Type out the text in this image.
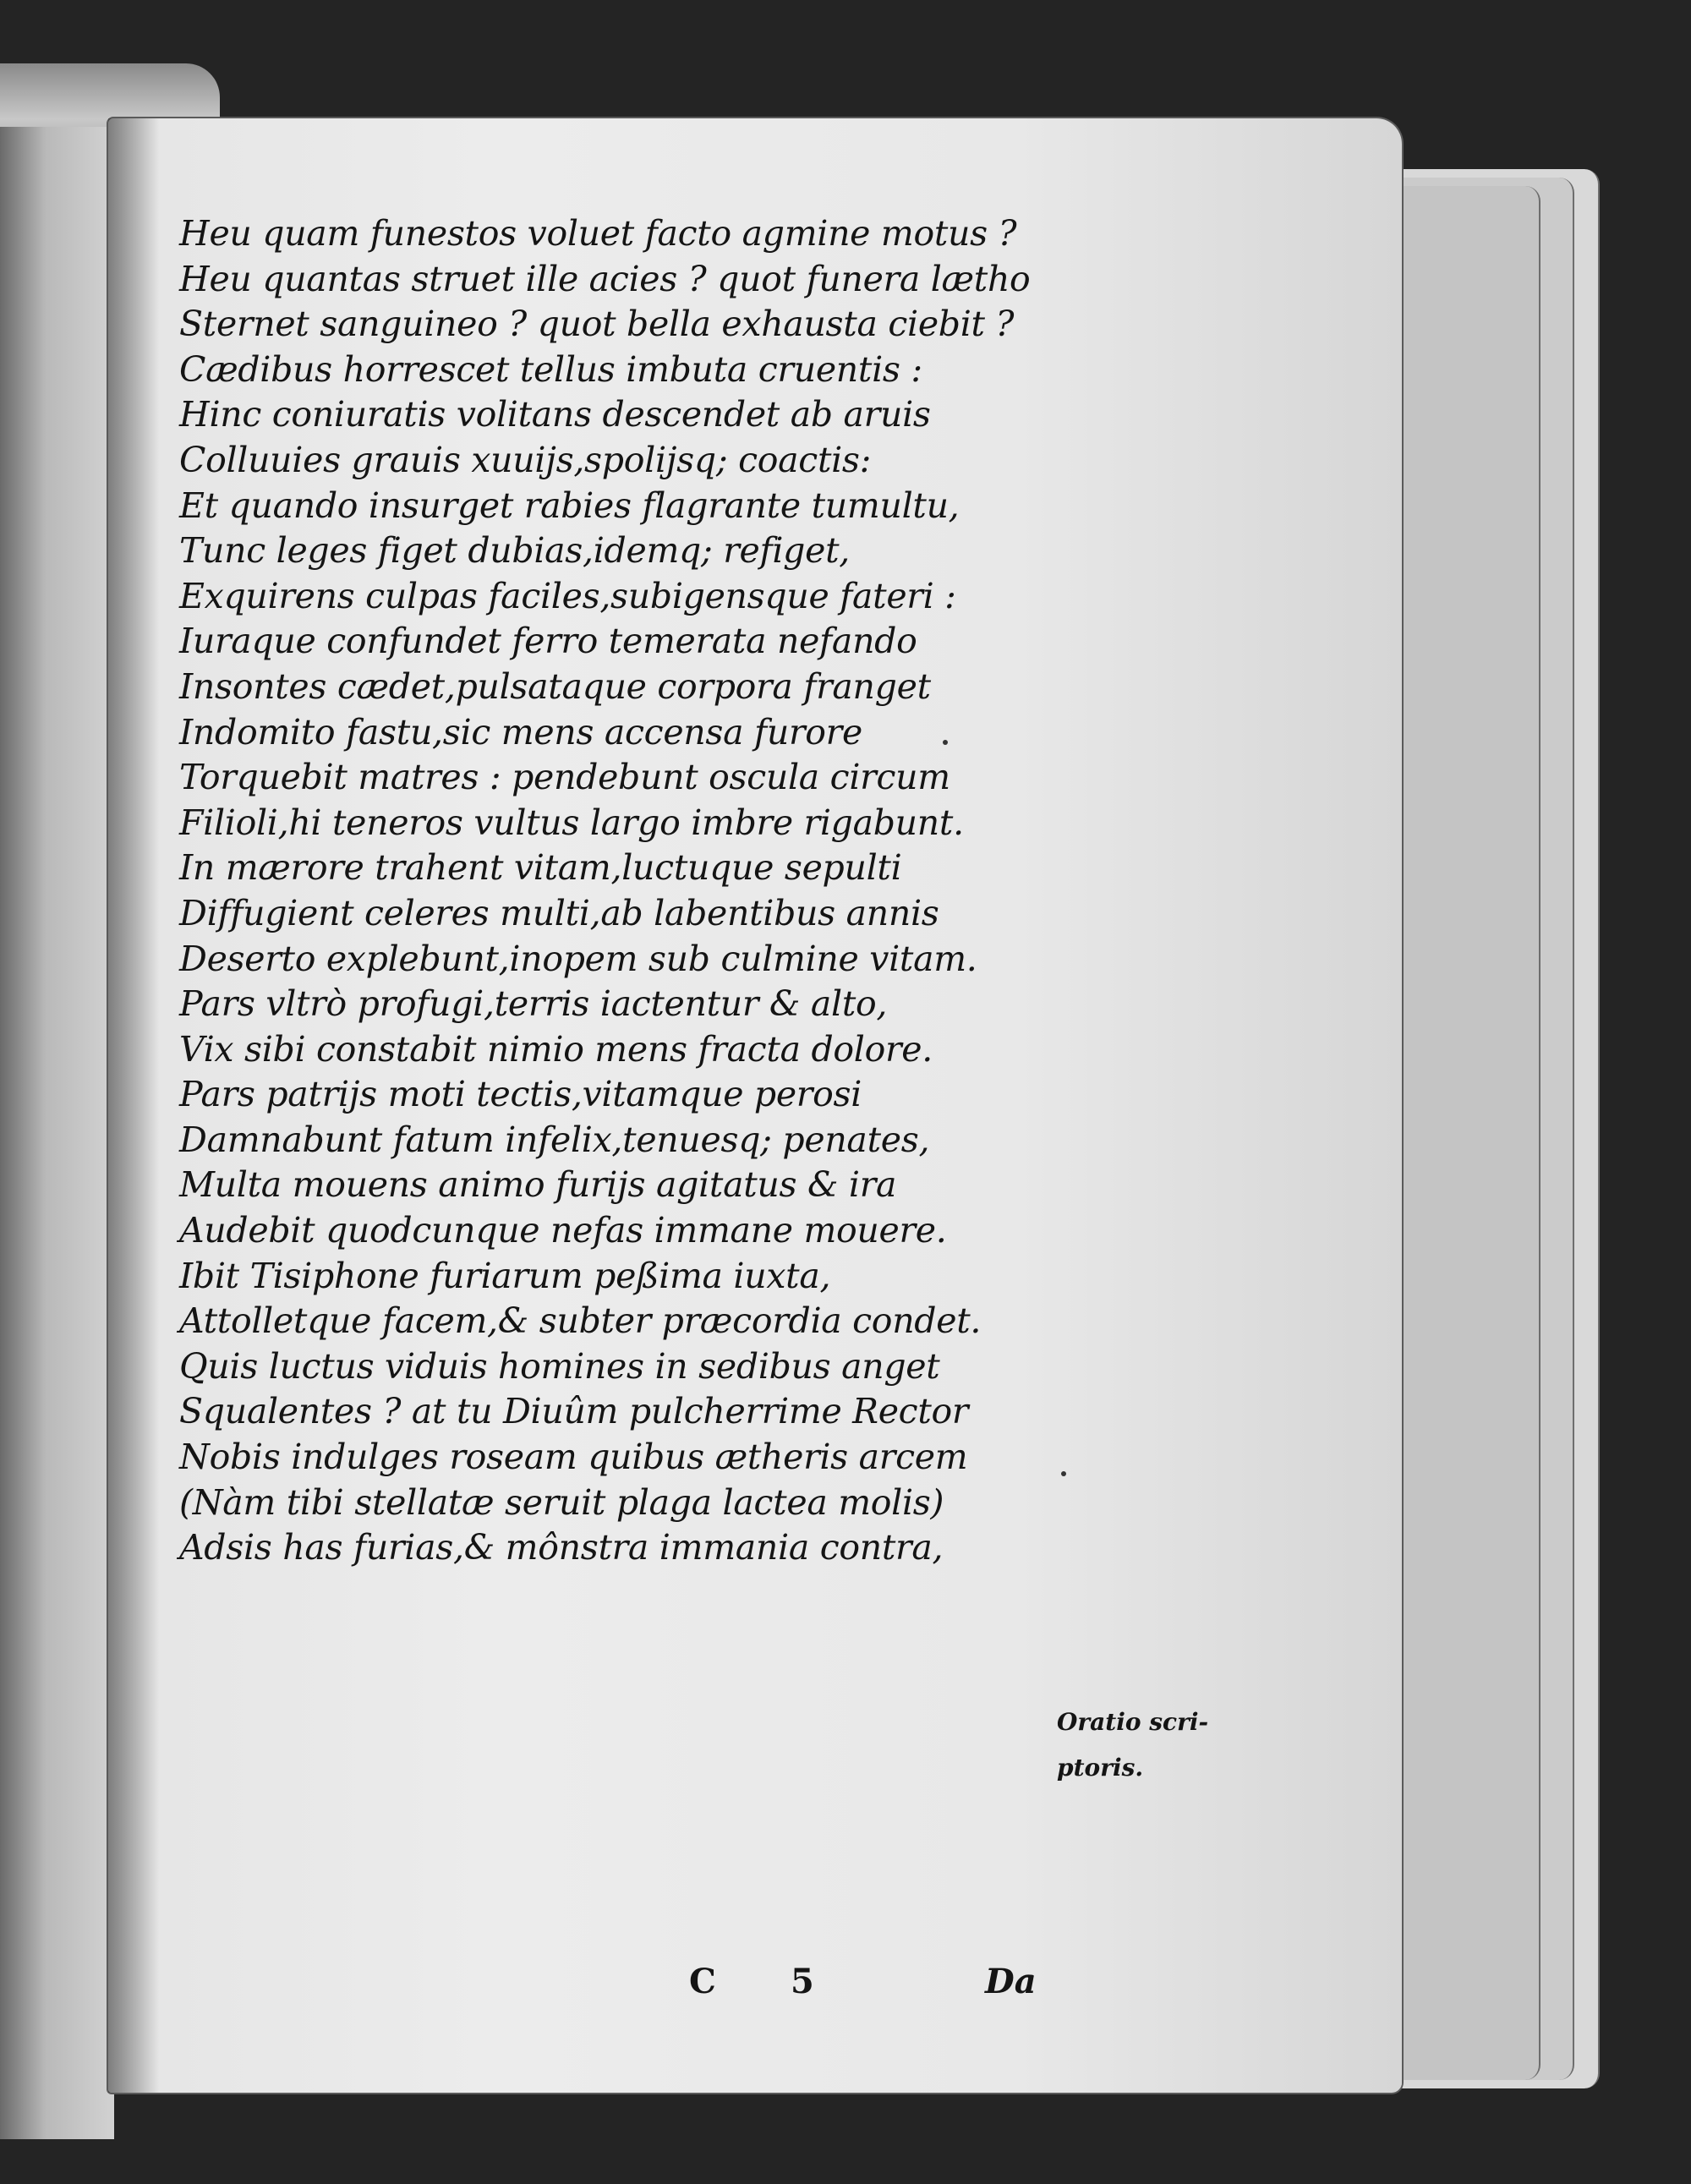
Heu quam funestos voluet facto agmine motus ?
Heu quantas struet ille acies ? quot funera lætho
Sternet sanguineo ? quot bella exhausta ciebit ?
Cædibus horrescet tellus imbuta cruentis :
Hinc coniuratis volitans descendet ab aruis
Colluuies grauis xuuijs,spolijsq; coactis:
Et quando insurget rabies flagrante tumultu,
Tunc leges figet dubias,idemq; refiget,
Exquirens culpas faciles,subigensque fateri :
Iuraque confundet ferro temerata nefando
Insontes cædet,pulsataque corpora franget
Indomito fastu,sic mens accensa furore
Torquebit matres : pendebunt oscula circum
Filioli,hi teneros vultus largo imbre rigabunt.
In mærore trahent vitam,luctuque sepulti
Diffugient celeres multi,ab labentibus annis
Deserto explebunt,inopem sub culmine vitam.
Pars vltrò profugi,terris iactentur & alto,
Vix sibi constabit nimio mens fracta dolore.
Pars patrijs moti tectis,vitamque perosi
Damnabunt fatum infelix,tenuesq; penates,
Multa mouens animo furijs agitatus & ira
Audebit quodcunque nefas immane mouere.
Ibit Tisiphone furiarum peßima iuxta,
Attolletque facem,& subter præcordia condet.
Quis luctus viduis homines in sedibus anget
Squalentes ? at tu Diuûm pulcherrime Rector
Nobis indulges roseam quibus ætheris arcem
(Nàm tibi stellatæ seruit plaga lactea molis)
Adsis has furias,& mônstra immania contra,
Oratio scri-
ptoris.
C 5	Da
